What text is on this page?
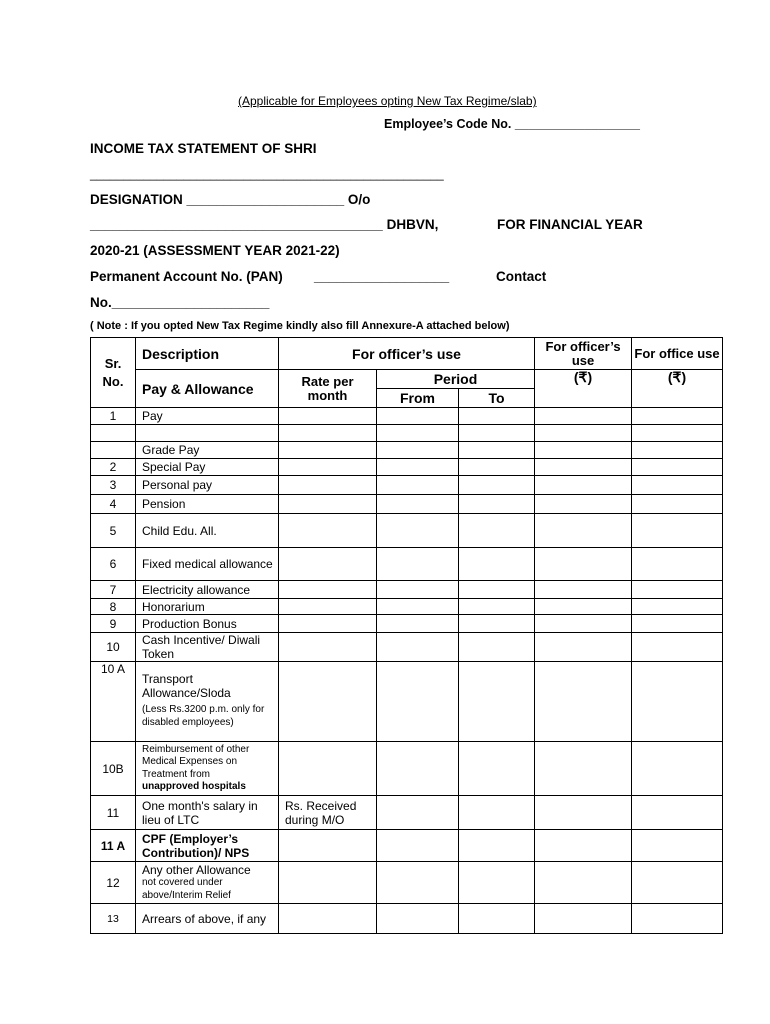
(Applicable for Employees opting New Tax Regime/slab)
Employee’s Code No. __________________
INCOME TAX STATEMENT OF SHRI
_____________________________________________________
DESIGNATION _____________________ O/o
_______________________________________ DHBVN,	FOR FINANCIAL YEAR
2020-21 (ASSESSMENT YEAR 2021-22)
Permanent Account No. (PAN) __________________	Contact
No._____________________
( Note : If you opted New Tax Regime kindly also fill Annexure-A attached below)
Sr. No.	Description	For officer’s use			For officer’s use	For office use
	Pay & Allowance	Rate per month	Period		(₹)	(₹)
			From	To		
1	Pay					

	Grade Pay					

2	Special Pay					

3	Personal pay					

4	Pension					

5	Child Edu. All.					

6	Fixed medical allowance					

7	Electricity allowance					

8	Honorarium					

9	Production Bonus					

10	Cash Incentive/ Diwali Token					

10 A	Transport Allowance/Sloda
(Less Rs.3200 p.m. only for disabled employees)					

10B	Reimbursement of other Medical Expenses on Treatment from
unapproved hospitals					

11	One month's salary in lieu of LTC	Rs. Received during M/O				
11 A	CPF (Employer’s Contribution)/ NPS					

12	Any other Allowance
not covered under above/Interim Relief					

13	Arrears of above, if any					
